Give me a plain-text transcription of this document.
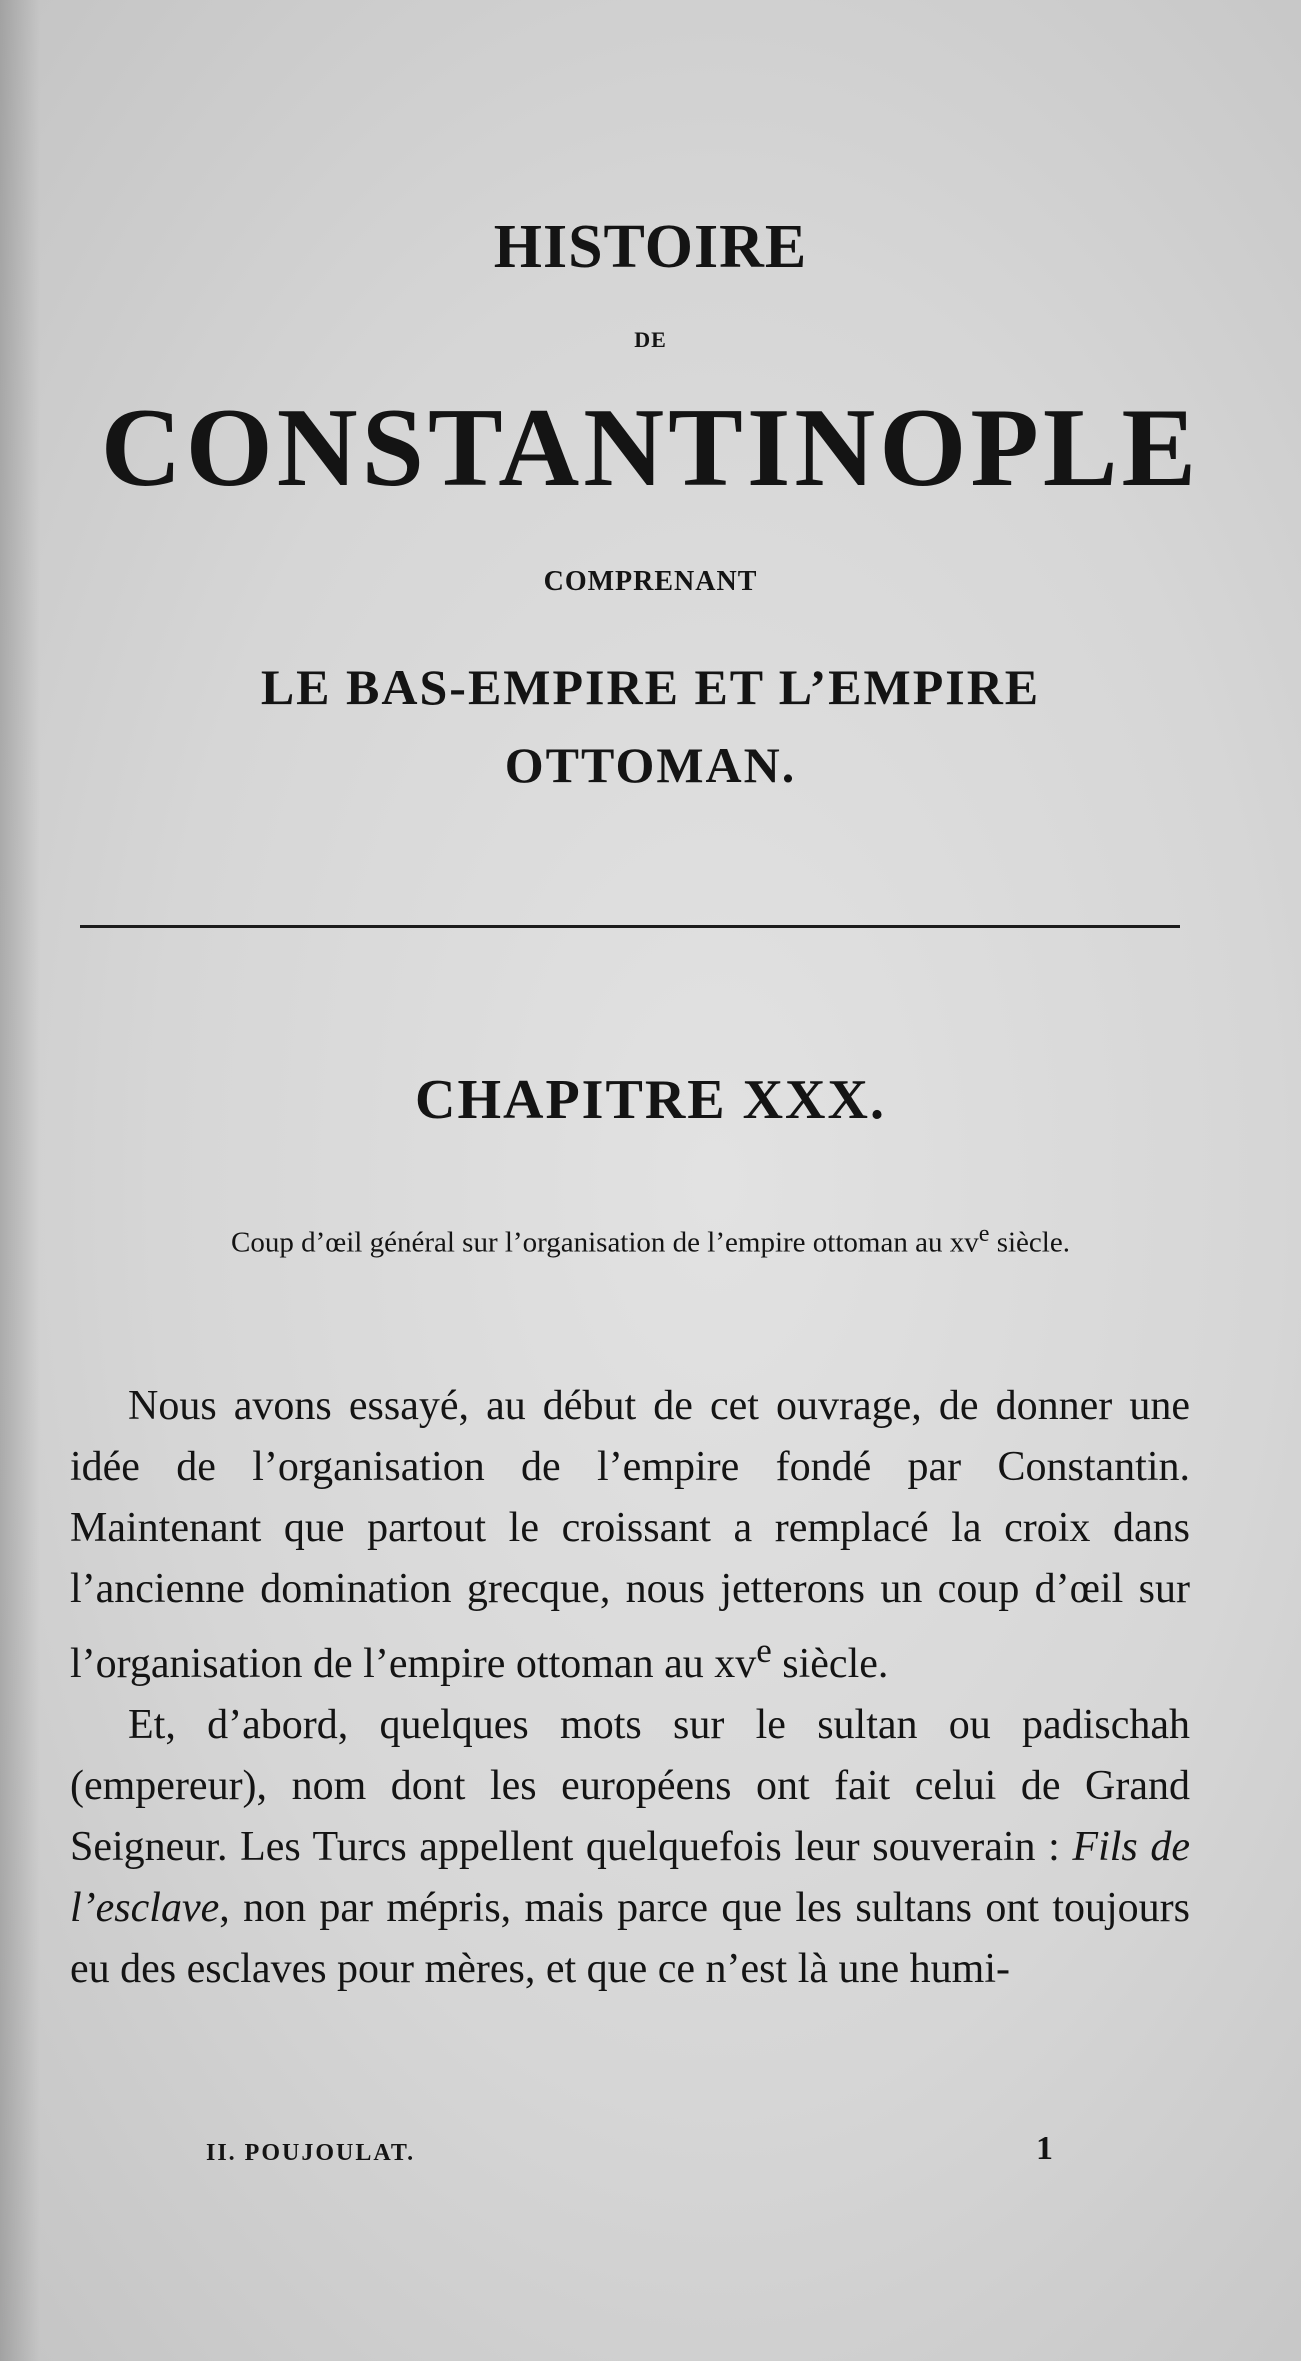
HISTOIRE
DE
CONSTANTINOPLE
COMPRENANT
LE BAS-EMPIRE ET L’EMPIRE
OTTOMAN.
CHAPITRE XXX.
Coup d’œil général sur l’organisation de l’empire ottoman au $xv^e$ siècle.

Nous avons essayé, au début de cet ouvrage, de donner une idée de l’organisation de l’empire fondé par Constantin. Maintenant que partout le croissant a remplacé la croix dans l’ancienne domination grecque, nous jetterons un coup d’œil sur l’organisation de l’empire ottoman au $xv^e$ siècle.

Et, d’abord, quelques mots sur le sultan ou padischah (empereur), nom dont les européens ont fait celui de Grand Seigneur. Les Turcs appellent quelquefois leur souverain : Fils de l’esclave, non par mépris, mais parce que les sultans ont toujours eu des esclaves pour mères, et que ce n’est là une humi-

II. POUJOULAT.	1
